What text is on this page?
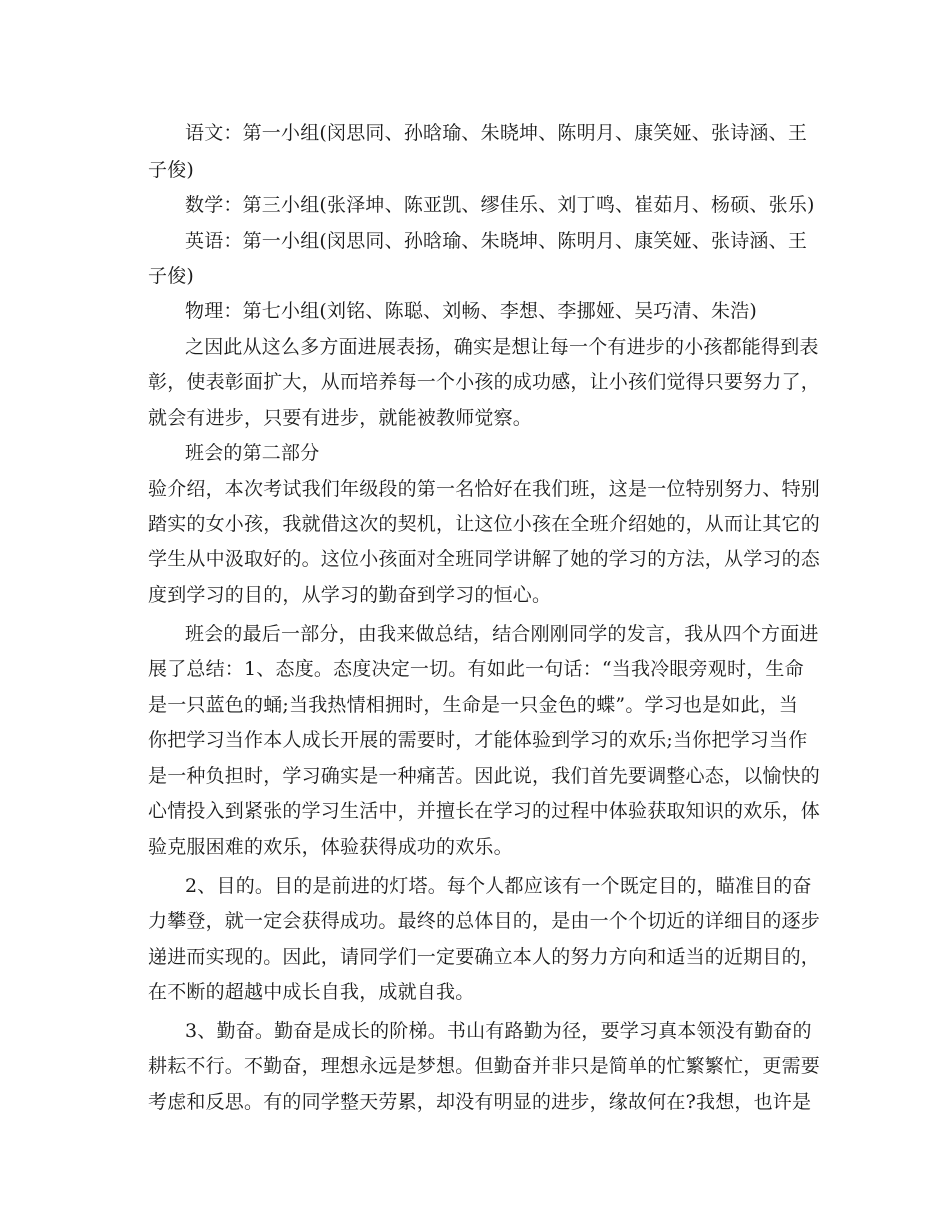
语文：第一小组(闵思同、孙晗瑜、朱晓坤、陈明月、康笑娅、张诗涵、王

子俊)

数学：第三小组(张泽坤、陈亚凯、缪佳乐、刘丁鸣、崔茹月、杨硕、张乐)

英语：第一小组(闵思同、孙晗瑜、朱晓坤、陈明月、康笑娅、张诗涵、王

子俊)

物理：第七小组(刘铭、陈聪、刘畅、李想、李挪娅、吴巧清、朱浩)

之因此从这么多方面进展表扬，确实是想让每一个有进步的小孩都能得到表

彰，使表彰面扩大，从而培养每一个小孩的成功感，让小孩们觉得只要努力了，

就会有进步，只要有进步，就能被教师觉察。

班会的第二部分

验介绍，本次考试我们年级段的第一名恰好在我们班，这是一位特别努力、特别

踏实的女小孩，我就借这次的契机，让这位小孩在全班介绍她的，从而让其它的

学生从中汲取好的。这位小孩面对全班同学讲解了她的学习的方法，从学习的态

度到学习的目的，从学习的勤奋到学习的恒心。

班会的最后一部分，由我来做总结，结合刚刚同学的发言，我从四个方面进

展了总结：1、态度。态度决定一切。有如此一句话：“当我冷眼旁观时，生命

是一只蓝色的蛹;当我热情相拥时，生命是一只金色的蝶”。学习也是如此，当

你把学习当作本人成长开展的需要时，才能体验到学习的欢乐;当你把学习当作

是一种负担时，学习确实是一种痛苦。因此说，我们首先要调整心态，以愉快的

心情投入到紧张的学习生活中，并擅长在学习的过程中体验获取知识的欢乐，体

验克服困难的欢乐，体验获得成功的欢乐。

2、目的。目的是前进的灯塔。每个人都应该有一个既定目的，瞄准目的奋

力攀登，就一定会获得成功。最终的总体目的，是由一个个切近的详细目的逐步

递进而实现的。因此，请同学们一定要确立本人的努力方向和适当的近期目的，

在不断的超越中成长自我，成就自我。

3、勤奋。勤奋是成长的阶梯。书山有路勤为径，要学习真本领没有勤奋的

耕耘不行。不勤奋，理想永远是梦想。但勤奋并非只是简单的忙繁繁忙，更需要

考虑和反思。有的同学整天劳累，却没有明显的进步，缘故何在?我想，也许是
